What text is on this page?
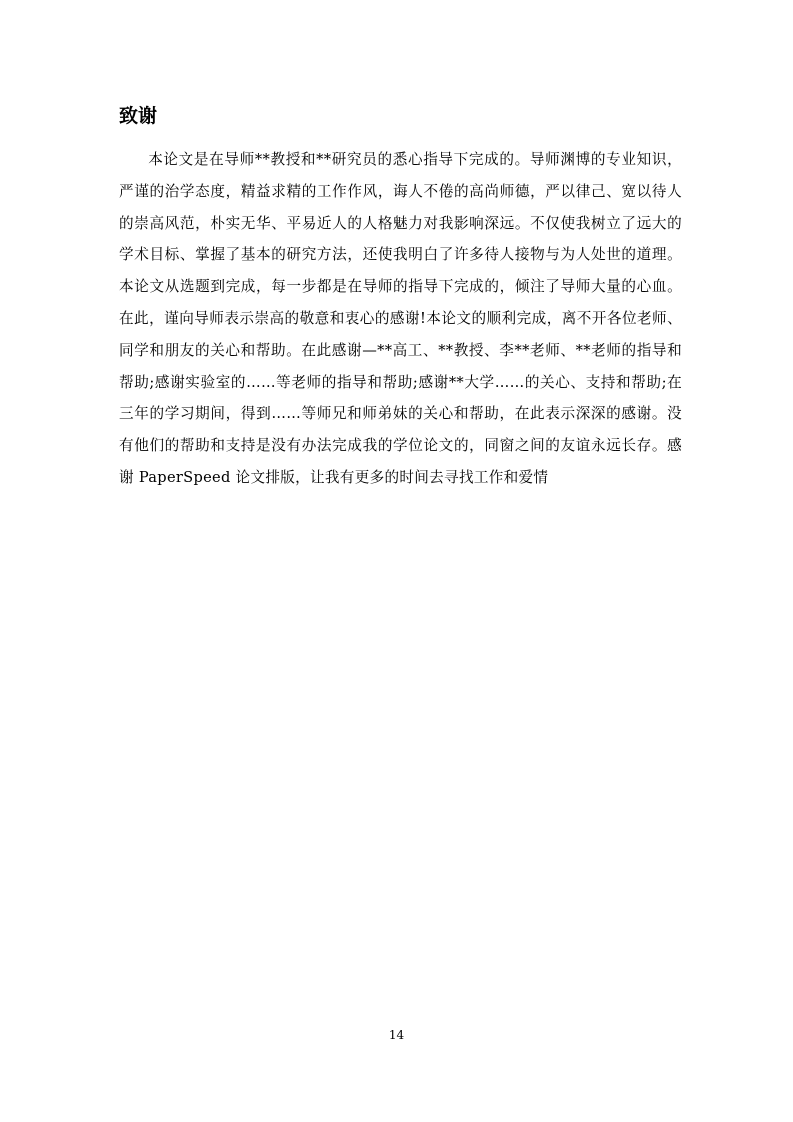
致谢

本论文是在导师**教授和**研究员的悉心指导下完成的。导师渊博的专业知识，严谨的治学态度，精益求精的工作作风，诲人不倦的高尚师德，严以律己、宽以待人的崇高风范，朴实无华、平易近人的人格魅力对我影响深远。不仅使我树立了远大的学术目标、掌握了基本的研究方法，还使我明白了许多待人接物与为人处世的道理。本论文从选题到完成，每一步都是在导师的指导下完成的，倾注了导师大量的心血。在此，谨向导师表示崇高的敬意和衷心的感谢!本论文的顺利完成，离不开各位老师、同学和朋友的关心和帮助。在此感谢—**高工、**教授、李**老师、**老师的指导和帮助;感谢实验室的……等老师的指导和帮助;感谢**大学……的关心、支持和帮助;在三年的学习期间，得到……等师兄和师弟妹的关心和帮助，在此表示深深的感谢。没有他们的帮助和支持是没有办法完成我的学位论文的，同窗之间的友谊永远长存。感谢 PaperSpeed 论文排版，让我有更多的时间去寻找工作和爱情

14
